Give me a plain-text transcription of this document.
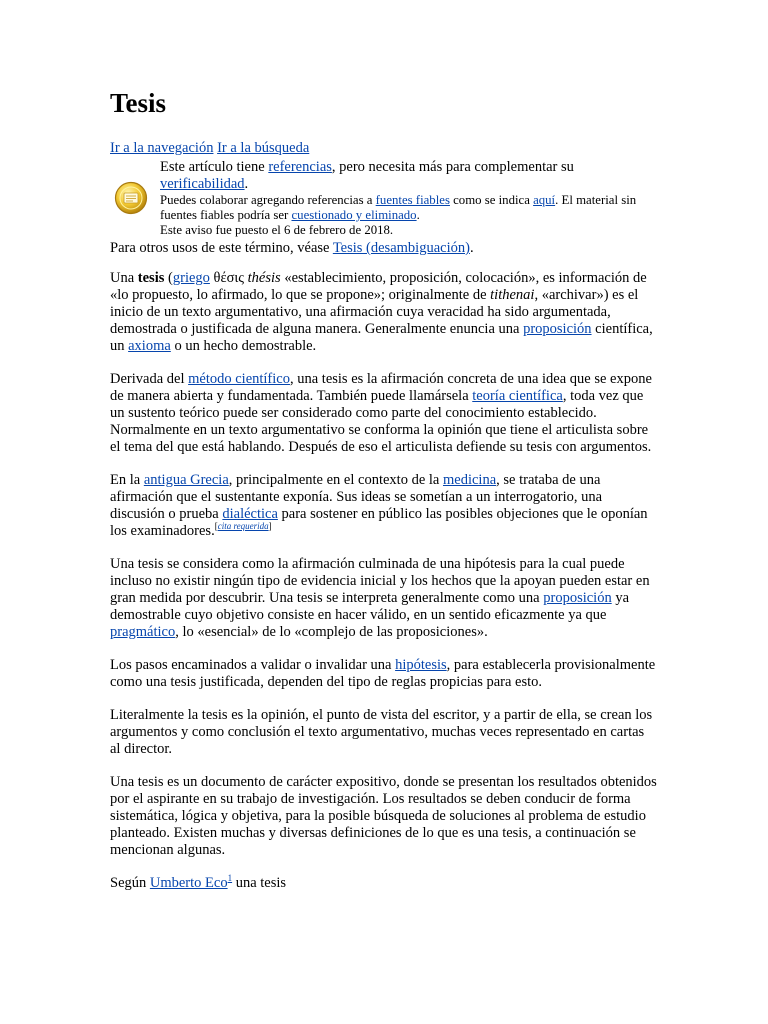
Tesis
Ir a la navegación Ir a la búsqueda
Este artículo tiene referencias, pero necesita más para complementar su verificabilidad.
Puedes colaborar agregando referencias a fuentes fiables como se indica aquí. El material sin fuentes fiables podría ser cuestionado y eliminado.
Este aviso fue puesto el 6 de febrero de 2018.
Para otros usos de este término, véase Tesis (desambiguación).

Una tesis (griego θέσις thésis «establecimiento, proposición, colocación», es información de «lo propuesto, lo afirmado, lo que se propone»; originalmente de tithenai, «archivar») es el inicio de un texto argumentativo, una afirmación cuya veracidad ha sido argumentada, demostrada o justificada de alguna manera. Generalmente enuncia una proposición científica, un axioma o un hecho demostrable.

Derivada del método científico, una tesis es la afirmación concreta de una idea que se expone de manera abierta y fundamentada. También puede llamársela teoría científica, toda vez que un sustento teórico puede ser considerado como parte del conocimiento establecido. Normalmente en un texto argumentativo se conforma la opinión que tiene el articulista sobre el tema del que está hablando. Después de eso el articulista defiende su tesis con argumentos.

En la antigua Grecia, principalmente en el contexto de la medicina, se trataba de una afirmación que el sustentante exponía. Sus ideas se sometían a un interrogatorio, una discusión o prueba dialéctica para sostener en público las posibles objeciones que le oponían los examinadores.[cita requerida]

Una tesis se considera como la afirmación culminada de una hipótesis para la cual puede incluso no existir ningún tipo de evidencia inicial y los hechos que la apoyan pueden estar en gran medida por descubrir. Una tesis se interpreta generalmente como una proposición ya demostrable cuyo objetivo consiste en hacer válido, en un sentido eficazmente ya que pragmático, lo «esencial» de lo «complejo de las proposiciones».

Los pasos encaminados a validar o invalidar una hipótesis, para establecerla provisionalmente como una tesis justificada, dependen del tipo de reglas propicias para esto.

Literalmente la tesis es la opinión, el punto de vista del escritor, y a partir de ella, se crean los argumentos y como conclusión el texto argumentativo, muchas veces representado en cartas al director.

Una tesis es un documento de carácter expositivo, donde se presentan los resultados obtenidos por el aspirante en su trabajo de investigación. Los resultados se deben conducir de forma sistemática, lógica y objetiva, para la posible búsqueda de soluciones al problema de estudio planteado. Existen muchas y diversas definiciones de lo que es una tesis, a continuación se mencionan algunas.

Según Umberto Eco$^1$ una tesis
